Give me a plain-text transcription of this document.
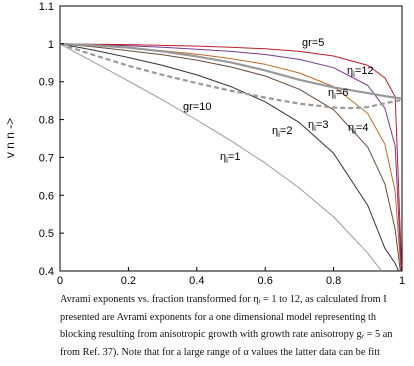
0	0.2	0.4	0.6	0.8	1
0.4
0.5
0.6
0.7
0.8
0.9
1
1.1
$\eta_i=1$
$\eta_i=2$ $\eta_i=3$ $\eta_i=4$
$\eta_i=6$
$\eta_i=12$
gr=5
gr=10
v n n ->

Avrami exponents vs. fraction transformed for ηᵢ = 1 to 12, as calculated from I
presented are Avrami exponents for a one dimensional model representing th
blocking resulting from anisotropic growth with growth rate anisotropy gᵣ = 5 an
from Ref. 37). Note that for a large range of α values the latter data can be fitt
